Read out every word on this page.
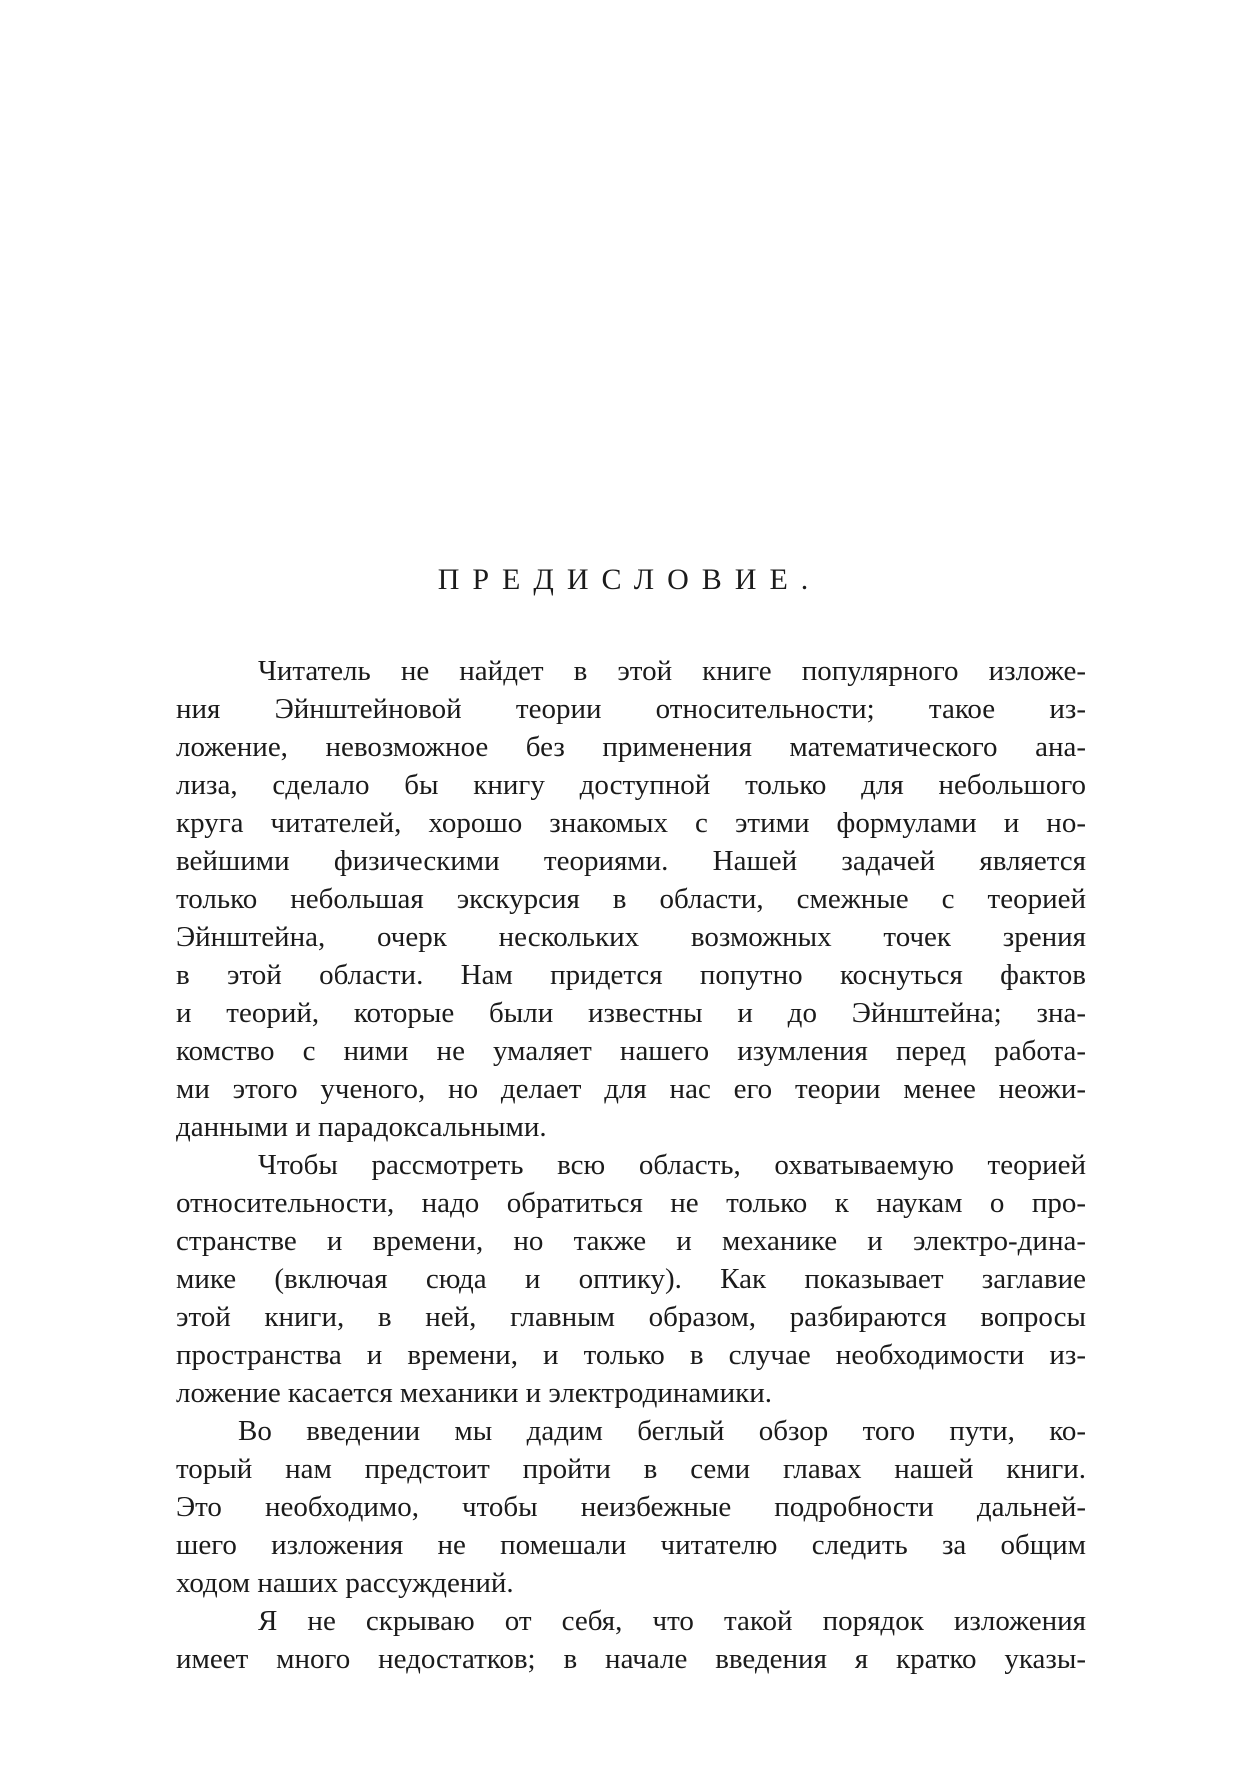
ПРЕДИСЛОВИЕ.
Читатель не найдет в этой книге популярного изложе-
ния Эйнштейновой теории относительности; такое из-
ложение, невозможное без применения математического ана-
лиза, сделало бы книгу доступной только для небольшого
круга читателей, хорошо знакомых с этими формулами и но-
вейшими физическими теориями. Нашей задачей является
только небольшая экскурсия в области, смежные с теорией
Эйнштейна, очерк нескольких возможных точек зрения
в этой области. Нам придется попутно коснуться фактов
и теорий, которые были известны и до Эйнштейна; зна-
комство с ними не умаляет нашего изумления перед работа-
ми этого ученого, но делает для нас его теории менее неожи-
данными и парадоксальными.
Чтобы рассмотреть всю область, охватываемую теорией
относительности, надо обратиться не только к наукам о про-
странстве и времени, но также и механике и электро-дина-
мике (включая сюда и оптику). Как показывает заглавие
этой книги, в ней, главным образом, разбираются вопросы
пространства и времени, и только в случае необходимости из-
ложение касается механики и электродинамики.
Во введении мы дадим беглый обзор того пути, ко-
торый нам предстоит пройти в семи главах нашей книги.
Это необходимо, чтобы неизбежные подробности дальней-
шего изложения не помешали читателю следить за общим
ходом наших рассуждений.
Я не скрываю от себя, что такой порядок изложения
имеет много недостатков; в начале введения я кратко указы-
